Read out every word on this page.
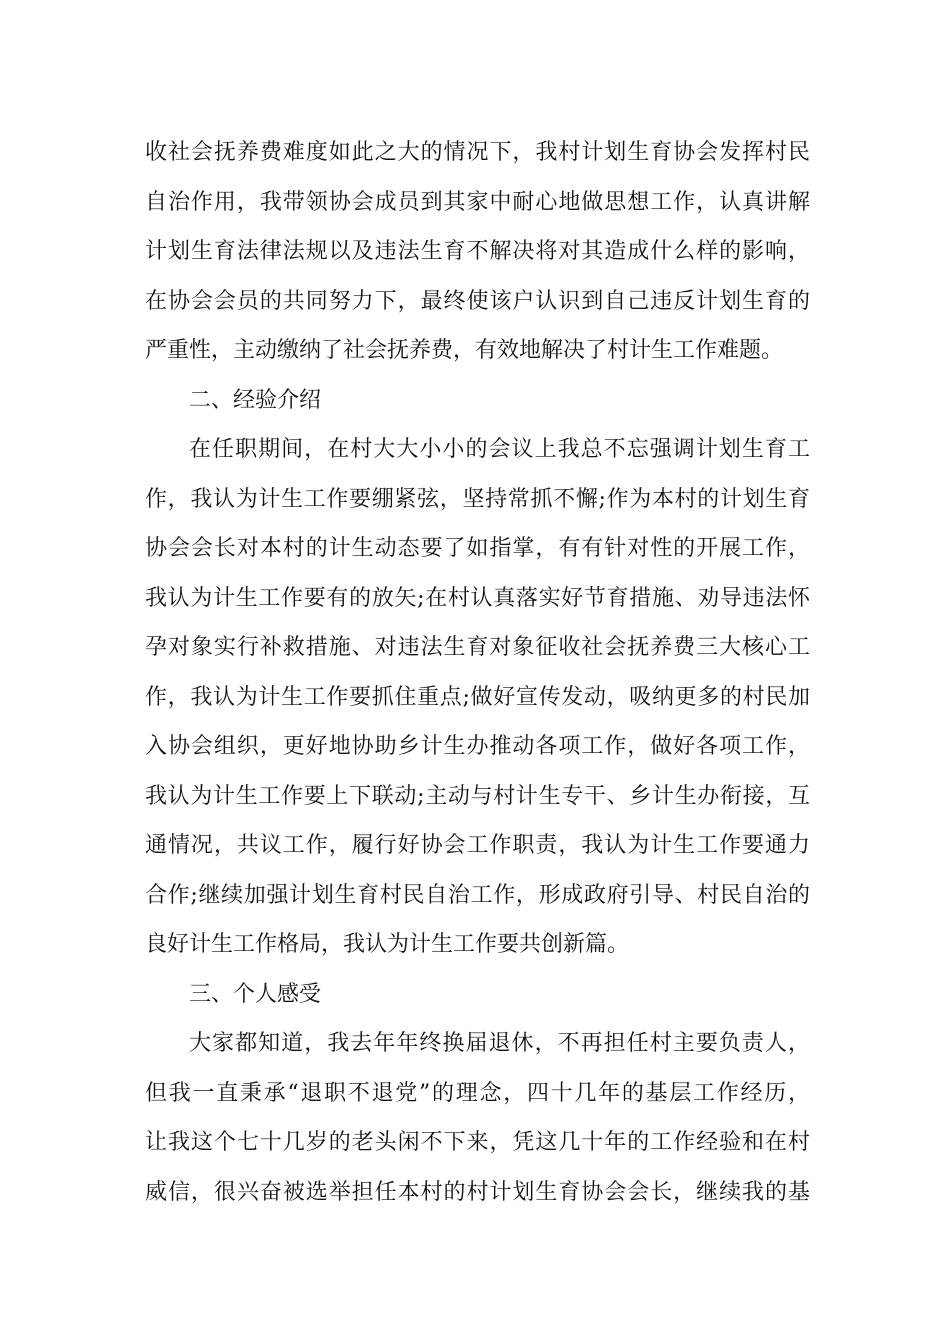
收社会抚养费难度如此之大的情况下，我村计划生育协会发挥村民
自治作用，我带领协会成员到其家中耐心地做思想工作，认真讲解
计划生育法律法规以及违法生育不解决将对其造成什么样的影响，
在协会会员的共同努力下，最终使该户认识到自己违反计划生育的
严重性，主动缴纳了社会抚养费，有效地解决了村计生工作难题。
二、经验介绍
在任职期间，在村大大小小的会议上我总不忘强调计划生育工
作，我认为计生工作要绷紧弦，坚持常抓不懈;作为本村的计划生育
协会会长对本村的计生动态要了如指掌，有有针对性的开展工作，
我认为计生工作要有的放矢;在村认真落实好节育措施、劝导违法怀
孕对象实行补救措施、对违法生育对象征收社会抚养费三大核心工
作，我认为计生工作要抓住重点;做好宣传发动，吸纳更多的村民加
入协会组织，更好地协助乡计生办推动各项工作，做好各项工作，
我认为计生工作要上下联动;主动与村计生专干、乡计生办衔接，互
通情况，共议工作，履行好协会工作职责，我认为计生工作要通力
合作;继续加强计划生育村民自治工作，形成政府引导、村民自治的
良好计生工作格局，我认为计生工作要共创新篇。
三、个人感受
大家都知道，我去年年终换届退休，不再担任村主要负责人，
但我一直秉承“退职不退党”的理念，四十几年的基层工作经历，
让我这个七十几岁的老头闲不下来，凭这几十年的工作经验和在村
威信，很兴奋被选举担任本村的村计划生育协会会长，继续我的基
